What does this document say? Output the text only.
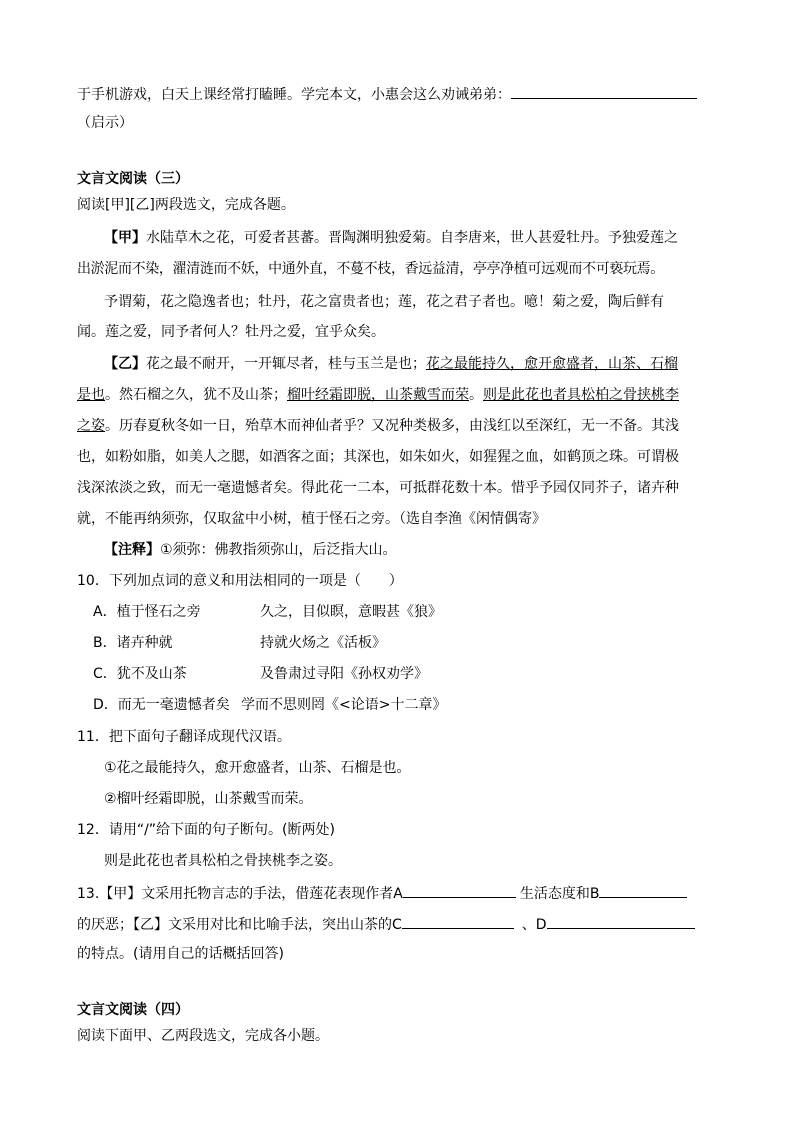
于手机游戏，白天上课经常打瞌睡。学完本文，小惠会这么劝诫弟弟：
（启示）
文言文阅读（三）
阅读[甲][乙]两段选文，完成各题。
【甲】水陆草木之花，可爱者甚蕃。晋陶渊明独爱菊。自李唐来，世人甚爱牡丹。予独爱莲之
出淤泥而不染，濯清涟而不妖，中通外直，不蔓不枝，香远益清，亭亭净植可远观而不可亵玩焉。
予谓菊，花之隐逸者也；牡丹，花之富贵者也；莲，花之君子者也。噫！菊之爱，陶后鲜有
闻。莲之爱，同予者何人？牡丹之爱，宜乎众矣。
【乙】花之最不耐开，一开辄尽者，桂与玉兰是也；花之最能持久，愈开愈盛者，山茶、石榴
是也。然石榴之久，犹不及山茶；榴叶经霜即脱，山茶戴雪而荣。则是此花也者具松柏之骨挟桃李
之姿。历春夏秋冬如一日，殆草木而神仙者乎？又况种类极多，由浅红以至深红，无一不备。其浅
也，如粉如脂，如美人之腮，如酒客之面；其深也，如朱如火，如猩猩之血，如鹤顶之珠。可谓极
浅深浓淡之致，而无一毫遗憾者矣。得此花一二本，可抵群花数十本。惜乎予园仅同芥子，诸卉种
就，不能再纳须弥，仅取盆中小树，植于怪石之旁。（选自李渔《闲情偶寄》
【注释】①须弥：佛教指须弥山，后泛指大山。
10．下列加点词的意义和用法相同的一项是（　　）
A．植于怪石之旁	久之，目似瞑，意暇甚《狼》
B．诸卉种就	持就火炀之《活板》
C．犹不及山茶	及鲁肃过寻阳《孙权劝学》
D．而无一毫遗憾者矣 学而不思则罔《<论语>十二章》
11．把下面句子翻译成现代汉语。
①花之最能持久，愈开愈盛者，山茶、石榴是也。
②榴叶经霜即脱，山茶戴雪而荣。
12．请用“/”给下面的句子断句。(断两处)
则是此花也者具松柏之骨挟桃李之姿。
13.【甲】文采用托物言志的手法，借莲花表现作者A	生活态度和B
的厌恶；【乙】文采用对比和比喻手法，突出山茶的C	、D
的特点。(请用自己的话概括回答)
文言文阅读（四）
阅读下面甲、乙两段选文，完成各小题。
